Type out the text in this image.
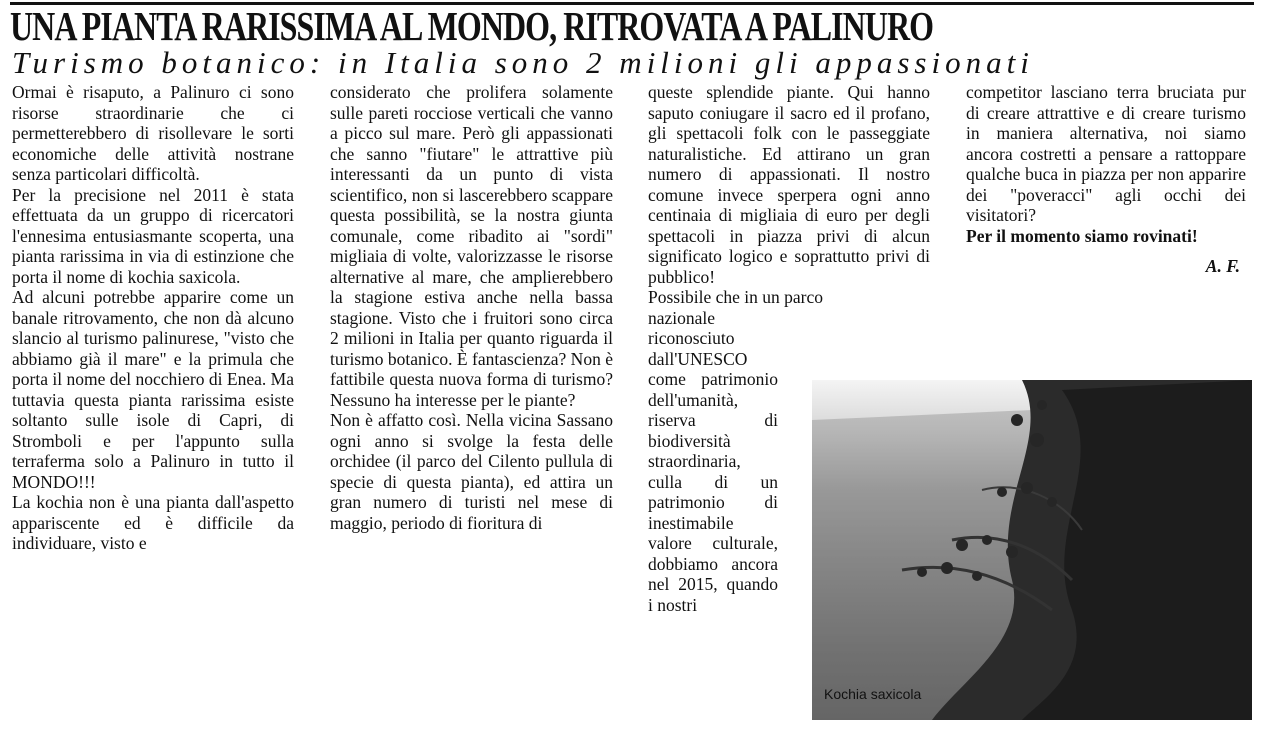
UNA PIANTA RARISSIMA AL MONDO, RITROVATA A PALINURO
Turismo botanico: in Italia sono 2 milioni gli appassionati

Ormai è risaputo, a Palinuro ci sono risorse straordinarie che ci permetterebbero di risollevare le sorti economiche delle attività nostrane senza particolari difficoltà.

Per la precisione nel 2011 è stata effettuata da un gruppo di ricercatori l'ennesima entusiasmante scoperta, una pianta rarissima in via di estinzione che porta il nome di kochia saxicola.

Ad alcuni potrebbe apparire come un banale ritrovamento, che non dà alcuno slancio al turismo palinurese, "visto che abbiamo già il mare" e la primula che porta il nome del nocchiero di Enea. Ma tuttavia questa pianta rarissima esiste soltanto sulle isole di Capri, di Stromboli e per l'appunto sulla terraferma solo a Palinuro in tutto il MONDO!!!

La kochia non è una pianta dall'aspetto appariscente ed è difficile da individuare, visto e

considerato che prolifera solamente sulle pareti rocciose verticali che vanno a picco sul mare. Però gli appassionati che sanno "fiutare" le attrattive più interessanti da un punto di vista scientifico, non si lascerebbero scappare questa possibilità, se la nostra giunta comunale, come ribadito ai "sordi" migliaia di volte, valorizzasse le risorse alternative al mare, che amplierebbero la stagione estiva anche nella bassa stagione. Visto che i fruitori sono circa 2 milioni in Italia per quanto riguarda il turismo botanico. È fantascienza? Non è fattibile questa nuova forma di turismo? Nessuno ha interesse per le piante?

Non è affatto così. Nella vicina Sassano ogni anno si svolge la festa delle orchidee (il parco del Cilento pullula di specie di questa pianta), ed attira un gran numero di turisti nel mese di maggio, periodo di fioritura di

queste splendide piante. Qui hanno saputo coniugare il sacro ed il profano, gli spettacoli folk con le passeggiate naturalistiche. Ed attirano un gran numero di appassionati. Il nostro comune invece sperpera ogni anno centinaia di migliaia di euro per degli spettacoli in piazza privi di alcun significato logico e soprattutto privi di pubblico!

Possibile che in un parco

nazionale riconosciuto dall'UNESCO come patrimonio dell'umanità, riserva di biodiversità straordinaria, culla di un patrimonio di inestimabile valore culturale, dobbiamo ancora nel 2015, quando i nostri

competitor lasciano terra bruciata pur di creare attrattive e di creare turismo in maniera alternativa, noi siamo ancora costretti a pensare a rattoppare qualche buca in piazza per non apparire dei "poveracci" agli occhi dei visitatori?

Per il momento siamo rovinati!

A. F.

Kochia saxicola
